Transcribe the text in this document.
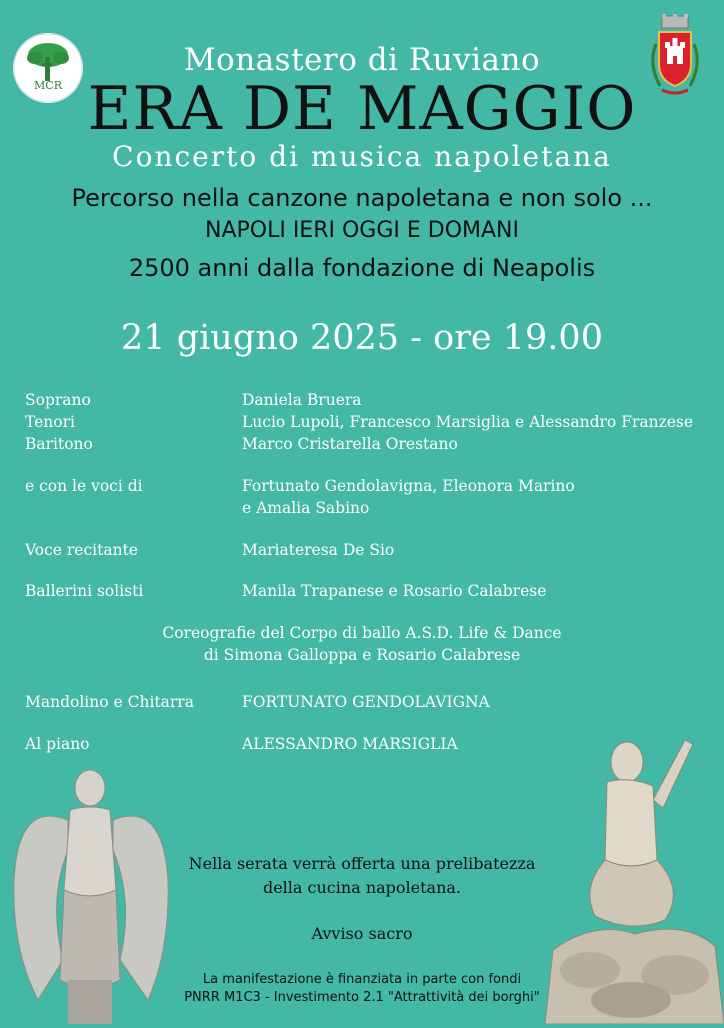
MCR
Monastero di Ruviano
ERA DE MAGGIO
Concerto di musica napoletana
Percorso nella canzone napoletana e non solo ...
NAPOLI IERI OGGI E DOMANI
2500 anni dalla fondazione di Neapolis
21 giugno 2025 - ore 19.00
Soprano	Daniela Bruera
Tenori	Lucio Lupoli, Francesco Marsiglia e Alessandro Franzese
Baritono	Marco Cristarella Orestano
e con le voci di	Fortunato Gendolavigna, Eleonora Marino
e Amalia Sabino
Voce recitante	Mariateresa De Sio
Ballerini solisti	Manila Trapanese e Rosario Calabrese
Coreografie del Corpo di ballo A.S.D. Life & Dance
di Simona Galloppa e Rosario Calabrese
Mandolino e Chitarra	FORTUNATO GENDOLAVIGNA
Al piano	ALESSANDRO MARSIGLIA
Nella serata verrà offerta una prelibatezza
della cucina napoletana.
Avviso sacro
La manifestazione è finanziata in parte con fondi
PNRR M1C3 - Investimento 2.1 "Attrattività dei borghi"
